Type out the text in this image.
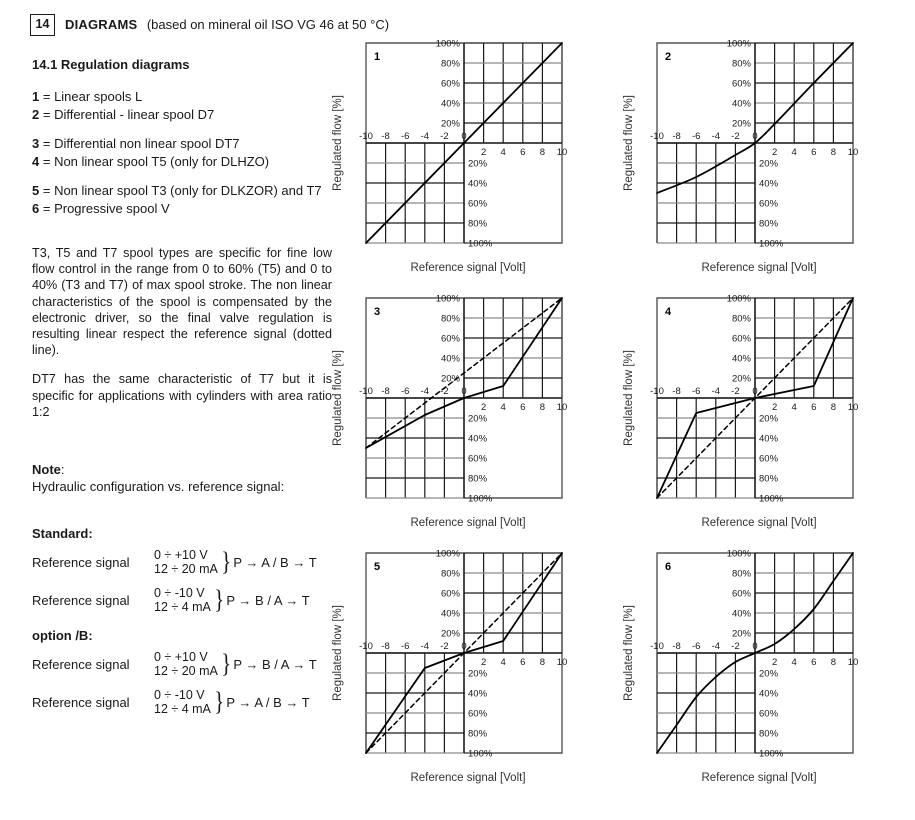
14	DIAGRAMS (based on mineral oil ISO VG 46 at 50 °C)
14.1 Regulation diagrams
1 = Linear spools L
2 = Differential - linear spool D7
3 = Differential non linear spool DT7
4 = Non linear spool T5 (only for DLHZO)
5 = Non linear spool T3 (only for DLKZOR) and T7
6 = Progressive spool V

T3, T5 and T7 spool types are specific for fine low flow control in the range from 0 to 60% (T5) and 0 to 40% (T3 and T7) of max spool stroke. The non linear characteristics of the spool is compensated by the electronic driver, so the final valve regulation is resulting linear respect the reference signal (dotted line).

DT7 has the same characteristic of T7 but it is specific for applications with cylinders with area ratio 1:2

Note:
Hydraulic configuration vs. reference signal:
Standard:
Reference signal	0 ÷ +10 V
12 ÷ 20 mA } P → A / B → T
Reference signal	0 ÷ -10 V
12 ÷ 4 mA } P → B / A → T
option /B:
Reference signal	0 ÷ +10 V
12 ÷ 20 mA } P → B / A → T
Reference signal	0 ÷ -10 V
12 ÷ 4 mA } P → A / B → T
-10 -8 -6 -4 -2 0
2 4 6 8 10
100%
80%
60%
40%
20%
20%
40%
60%
80%
100%
1
Regulated flow [%]
Reference signal [Volt]
-10 -8 -6 -4 -2 0
2 4 6 8 10
100%
80%
60%
40%
20%
20%
40%
60%
80%
100%
2
Regulated flow [%]
Reference signal [Volt]
-10 -8 -6 -4 -2 0
2 4 6 8 10
100%
80%
60%
40%
20%
20%
40%
60%
80%
100%
3
Regulated flow [%]
Reference signal [Volt]
-10 -8 -6 -4 -2 0
2 4 6 8 10
100%
80%
60%
40%
20%
20%
40%
60%
80%
100%
4
Regulated flow [%]
Reference signal [Volt]
-10 -8 -6 -4 -2 0
2 4 6 8 10
100%
80%
60%
40%
20%
20%
40%
60%
80%
100%
5
Regulated flow [%]
Reference signal [Volt]
-10 -8 -6 -4 -2 0
2 4 6 8 10
100%
80%
60%
40%
20%
20%
40%
60%
80%
100%
6
Regulated flow [%]
Reference signal [Volt]
